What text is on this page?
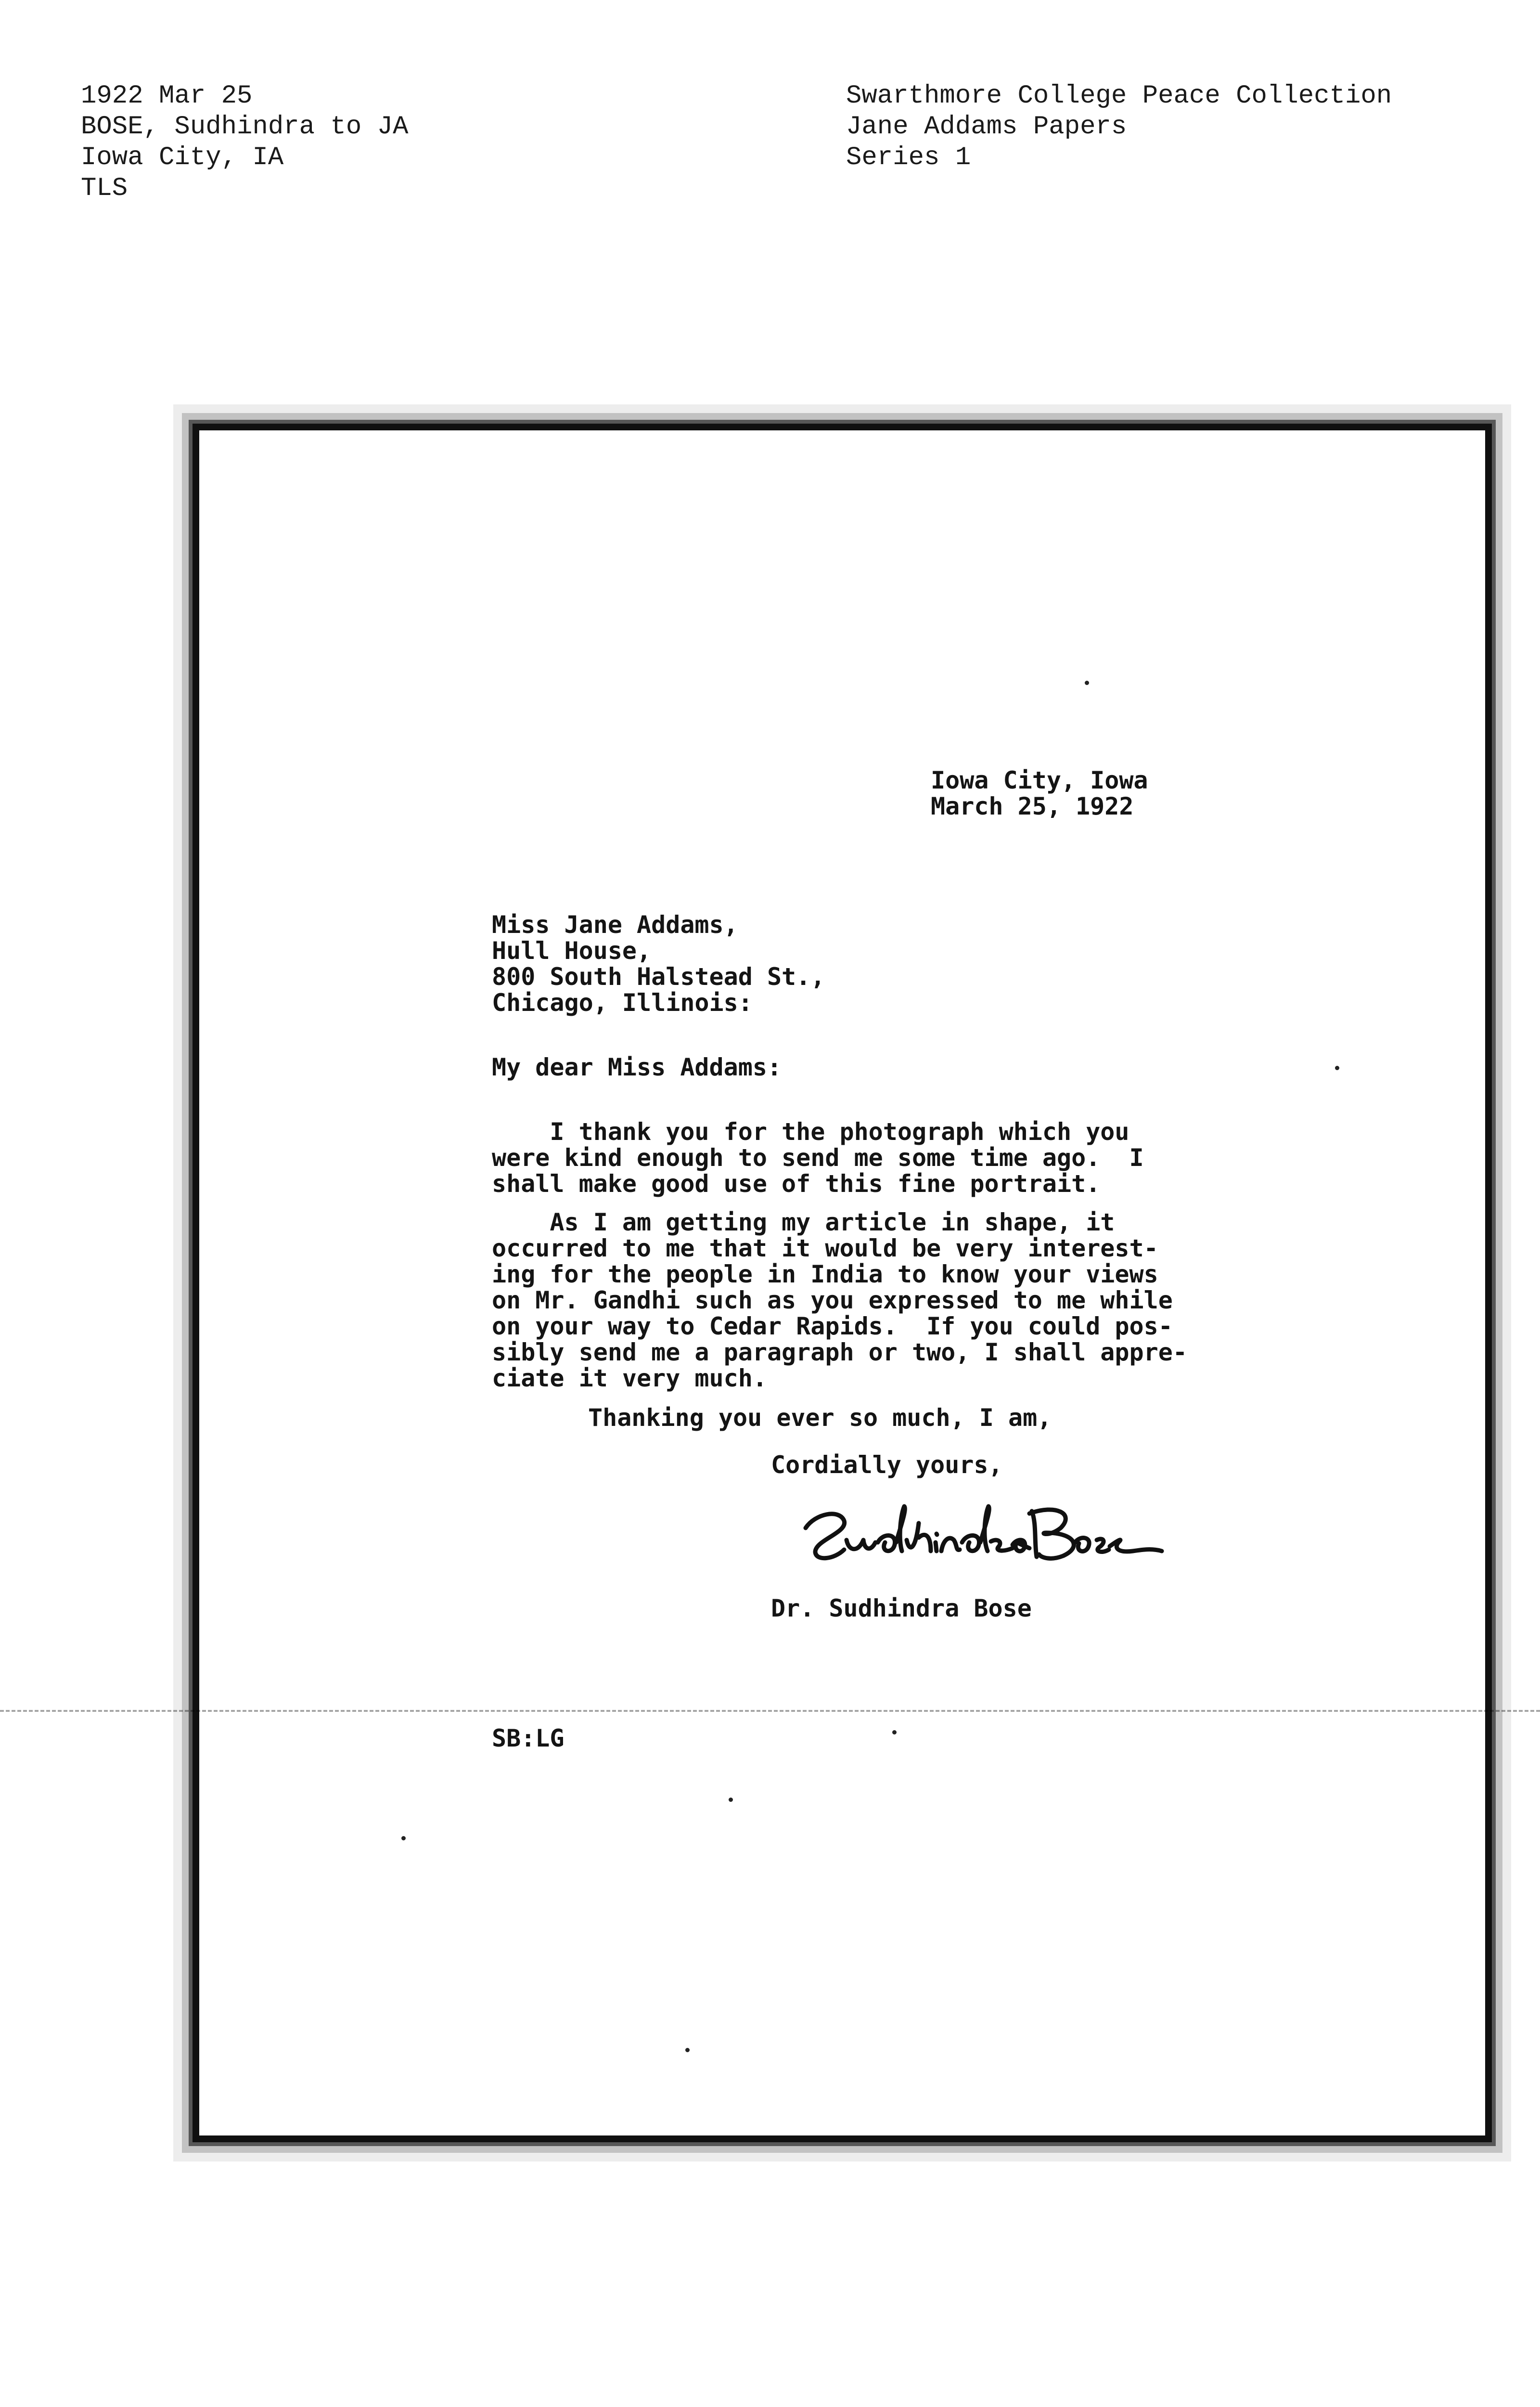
1922 Mar 25
BOSE, Sudhindra to JA
Iowa City, IA
TLS
Swarthmore College Peace Collection
Jane Addams Papers
Series 1
Iowa City, Iowa
March 25, 1922
Miss Jane Addams,
Hull House,
800 South Halstead St.,
Chicago, Illinois:
My dear Miss Addams:
I thank you for the photograph which you
were kind enough to send me some time ago.  I
shall make good use of this fine portrait.
As I am getting my article in shape, it
occurred to me that it would be very interest-
ing for the people in India to know your views
on Mr. Gandhi such as you expressed to me while
on your way to Cedar Rapids.  If you could pos-
sibly send me a paragraph or two, I shall appre-
ciate it very much.
Thanking you ever so much, I am,
Cordially yours,
Dr. Sudhindra Bose
SB:LG
